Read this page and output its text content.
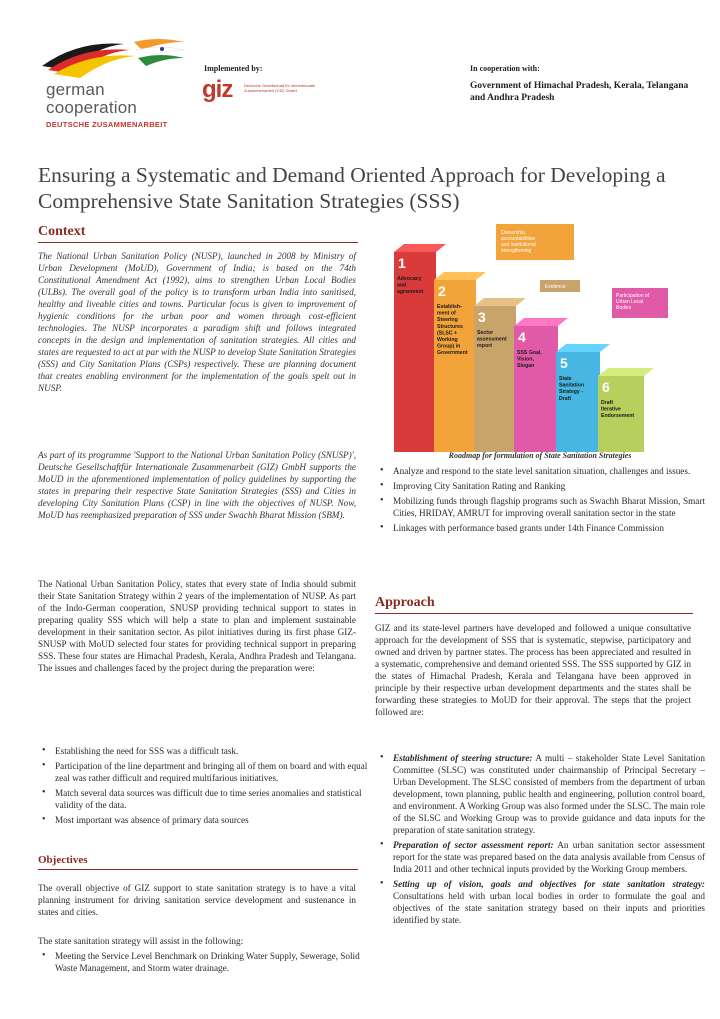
german
cooperation
DEUTSCHE ZUSAMMENARBEIT
Implemented by:
giz	Deutsche Gesellschaft für Internationale Zusammenarbeit (GIZ) GmbH
In cooperation with:
Government of Himachal Pradesh, Kerala, Telangana and Andhra Pradesh
Ensuring a Systematic and Demand Oriented Approach for Developing a Comprehensive State Sanitation Strategies (SSS)
Context

The National Urban Sanitation Policy (NUSP), launched in 2008 by Ministry of Urban Development (MoUD), Government of India; is based on the 74th Constitutional Amendment Act (1992), aims to strengthen Urban Local Bodies (ULBs). The overall goal of the policy is to transform urban India into sanitised, healthy and liveable cities and towns. Particular focus is given to improvement of hygienic conditions for the urban poor and women through cost-efficient technologies. The NUSP incorporates a paradigm shift and follows integrated concepts in the design and implementation of sanitation strategies. All cities and states are requested to act at par with the NUSP to develop State Sanitation Strategies (SSS) and City Sanitation Plans (CSPs) respectively. These are planning document that creates enabling environment for the implementation of the goals spelt out in NUSP.

As part of its programme 'Support to the National Urban Sanitation Policy (SNUSP)', Deutsche Gesellschaftfür Internationale Zusammenarbeit (GIZ) GmbH supports the MoUD in the aforementioned implementation of policy guidelines by supporting the states in preparing their respective State Sanitation Strategies (SSS) and Cities in developing City Sanitation Plans (CSP) in line with the objectives of NUSP. Now, MoUD has reemphasized preparation of SSS under Swachh Bharat Mission (SBM).

The National Urban Sanitation Policy, states that every state of India should submit their State Sanitation Strategy within 2 years of the implementation of NUSP. As part of the Indo-German cooperation, SNUSP providing technical support to states in preparing quality SSS which will help a state to plan and implement sustainable development in their sanitation sector. As pilot initiatives during its first phase GIZ-SNUSP with MoUD selected four states for providing technical support in preparing SSS. These four states are Himachal Pradesh, Kerala, Andhra Pradesh and Telangana. The issues and challenges faced by the project during the preparation were:

• Establishing the need for SSS was a difficult task.
• Participation of the line department and bringing all of them on board and with equal zeal was rather difficult and required multifarious initiatives.
• Match several data sources was difficult due to time series anomalies and statistical validity of the data.
• Most important was absence of primary data sources
Objectives

The overall objective of GIZ support to state sanitation strategy is to have a vital planning instrument for driving sanitation service development and sustenance in states and cities.

The state sanitation strategy will assist in the following:

• Meeting the Service Level Benchmark on Drinking Water Supply, Sewerage, Solid Waste Management, and Storm water drainage.
Ownership, accountabilities and institutional strengthening
Evidence
Participation of Urban Local Bodies
1
Advocacy and agreement 2
Establish-ment of Steering Structures (SLSC + Working Group) in Government
3
Sector assessment report
4
SSS Goal, Vision, Slogan	5
State Sanitation Strategy -Draft
6
Draft Iterative Endorsement
Roadmap for formulation of State Sanitation Strategies
• Analyze and respond to the state level sanitation situation, challenges and issues.
• Improving City Sanitation Rating and Ranking
• Mobilizing funds through flagship programs such as Swachh Bharat Mission, Smart Cities, HRIDAY, AMRUT for improving overall sanitation sector in the state
• Linkages with performance based grants under 14th Finance Commission
Approach

GIZ and its state-level partners have developed and followed a unique consultative approach for the development of SSS that is systematic, stepwise, participatory and owned and driven by partner states. The process has been appreciated and resulted in a systematic, comprehensive and demand oriented SSS. The SSS supported by GIZ in the states of Himachal Pradesh, Kerala and Telangana have been approved in principle by their respective urban development departments and the states shall be forwarding these strategies to MoUD for their approval. The steps that the project followed are:

• Establishment of steering structure: A multi – stakeholder State Level Sanitation Committee (SLSC) was constituted under chairmanship of Principal Secretary – Urban Development. The SLSC consisted of members from the department of urban development, town planning, public health and engineering, pollution control board, and environment. A Working Group was also formed under the SLSC. The main role of the SLSC and Working Group was to provide guidance and data inputs for the preparation of state sanitation strategy.
• Preparation of sector assessment report: An urban sanitation sector assessment report for the state was prepared based on the data analysis available from Census of India 2011 and other technical inputs provided by the Working Group members.
• Setting up of vision, goals and objectives for state sanitation strategy: Consultations held with urban local bodies in order to formulate the goal and objectives of the state sanitation strategy based on their inputs and priorities identified by state.
